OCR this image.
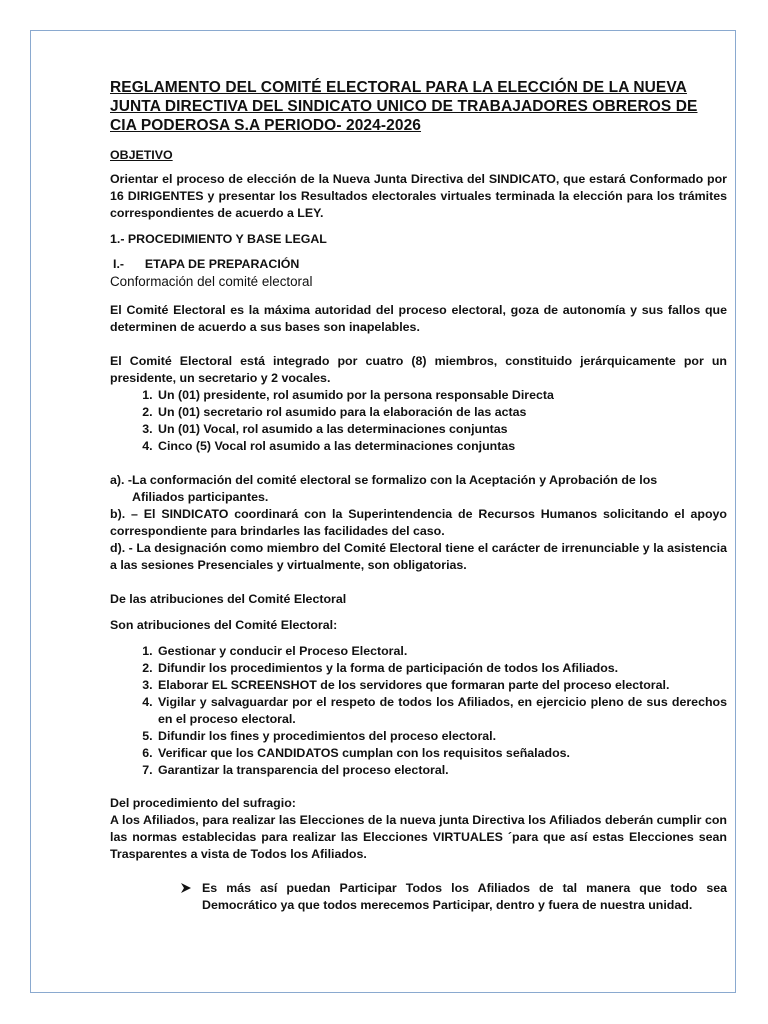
REGLAMENTO DEL COMITÉ ELECTORAL PARA LA ELECCIÓN DE LA NUEVA JUNTA DIRECTIVA DEL SINDICATO UNICO DE TRABAJADORES OBREROS DE CIA PODEROSA S.A PERIODO- 2024-2026

OBJETIVO

Orientar el proceso de elección de la Nueva Junta Directiva del SINDICATO, que estará Conformado por 16 DIRIGENTES y presentar los Resultados electorales virtuales terminada la elección para los trámites correspondientes de acuerdo a LEY.

1.- PROCEDIMIENTO Y BASE LEGAL

I.- ETAPA DE PREPARACIÓN

Conformación del comité electoral

El Comité Electoral es la máxima autoridad del proceso electoral, goza de autonomía y sus fallos que determinen de acuerdo a sus bases son inapelables.

El Comité Electoral está integrado por cuatro (8) miembros, constituido jerárquicamente por un presidente, un secretario y 2 vocales.

1. Un (01) presidente, rol asumido por la persona responsable Directa
2. Un (01) secretario rol asumido para la elaboración de las actas
3. Un (01) Vocal, rol asumido a las determinaciones conjuntas
4. Cinco (5) Vocal rol asumido a las determinaciones conjuntas

a). -La conformación del comité electoral se formalizo con la Aceptación y Aprobación de los

Afiliados participantes.

b). – El SINDICATO coordinará con la Superintendencia de Recursos Humanos solicitando el apoyo correspondiente para brindarles las facilidades del caso.

d). - La designación como miembro del Comité Electoral tiene el carácter de irrenunciable y la asistencia a las sesiones Presenciales y virtualmente, son obligatorias.

De las atribuciones del Comité Electoral

Son atribuciones del Comité Electoral:

1. Gestionar y conducir el Proceso Electoral.
2. Difundir los procedimientos y la forma de participación de todos los Afiliados.
3. Elaborar EL SCREENSHOT de los servidores que formaran parte del proceso electoral.
4. Vigilar y salvaguardar por el respeto de todos los Afiliados, en ejercicio pleno de sus derechos en el proceso electoral.
5. Difundir los fines y procedimientos del proceso electoral.
6. Verificar que los CANDIDATOS cumplan con los requisitos señalados.
7. Garantizar la transparencia del proceso electoral.

Del procedimiento del sufragio:

A los Afiliados, para realizar las Elecciones de la nueva junta Directiva los Afiliados deberán cumplir con las normas establecidas para realizar las Elecciones VIRTUALES ´para que así estas Elecciones sean Trasparentes a vista de Todos los Afiliados.

Es más así puedan Participar Todos los Afiliados de tal manera que todo sea Democrático ya que todos merecemos Participar, dentro y fuera de nuestra unidad.
